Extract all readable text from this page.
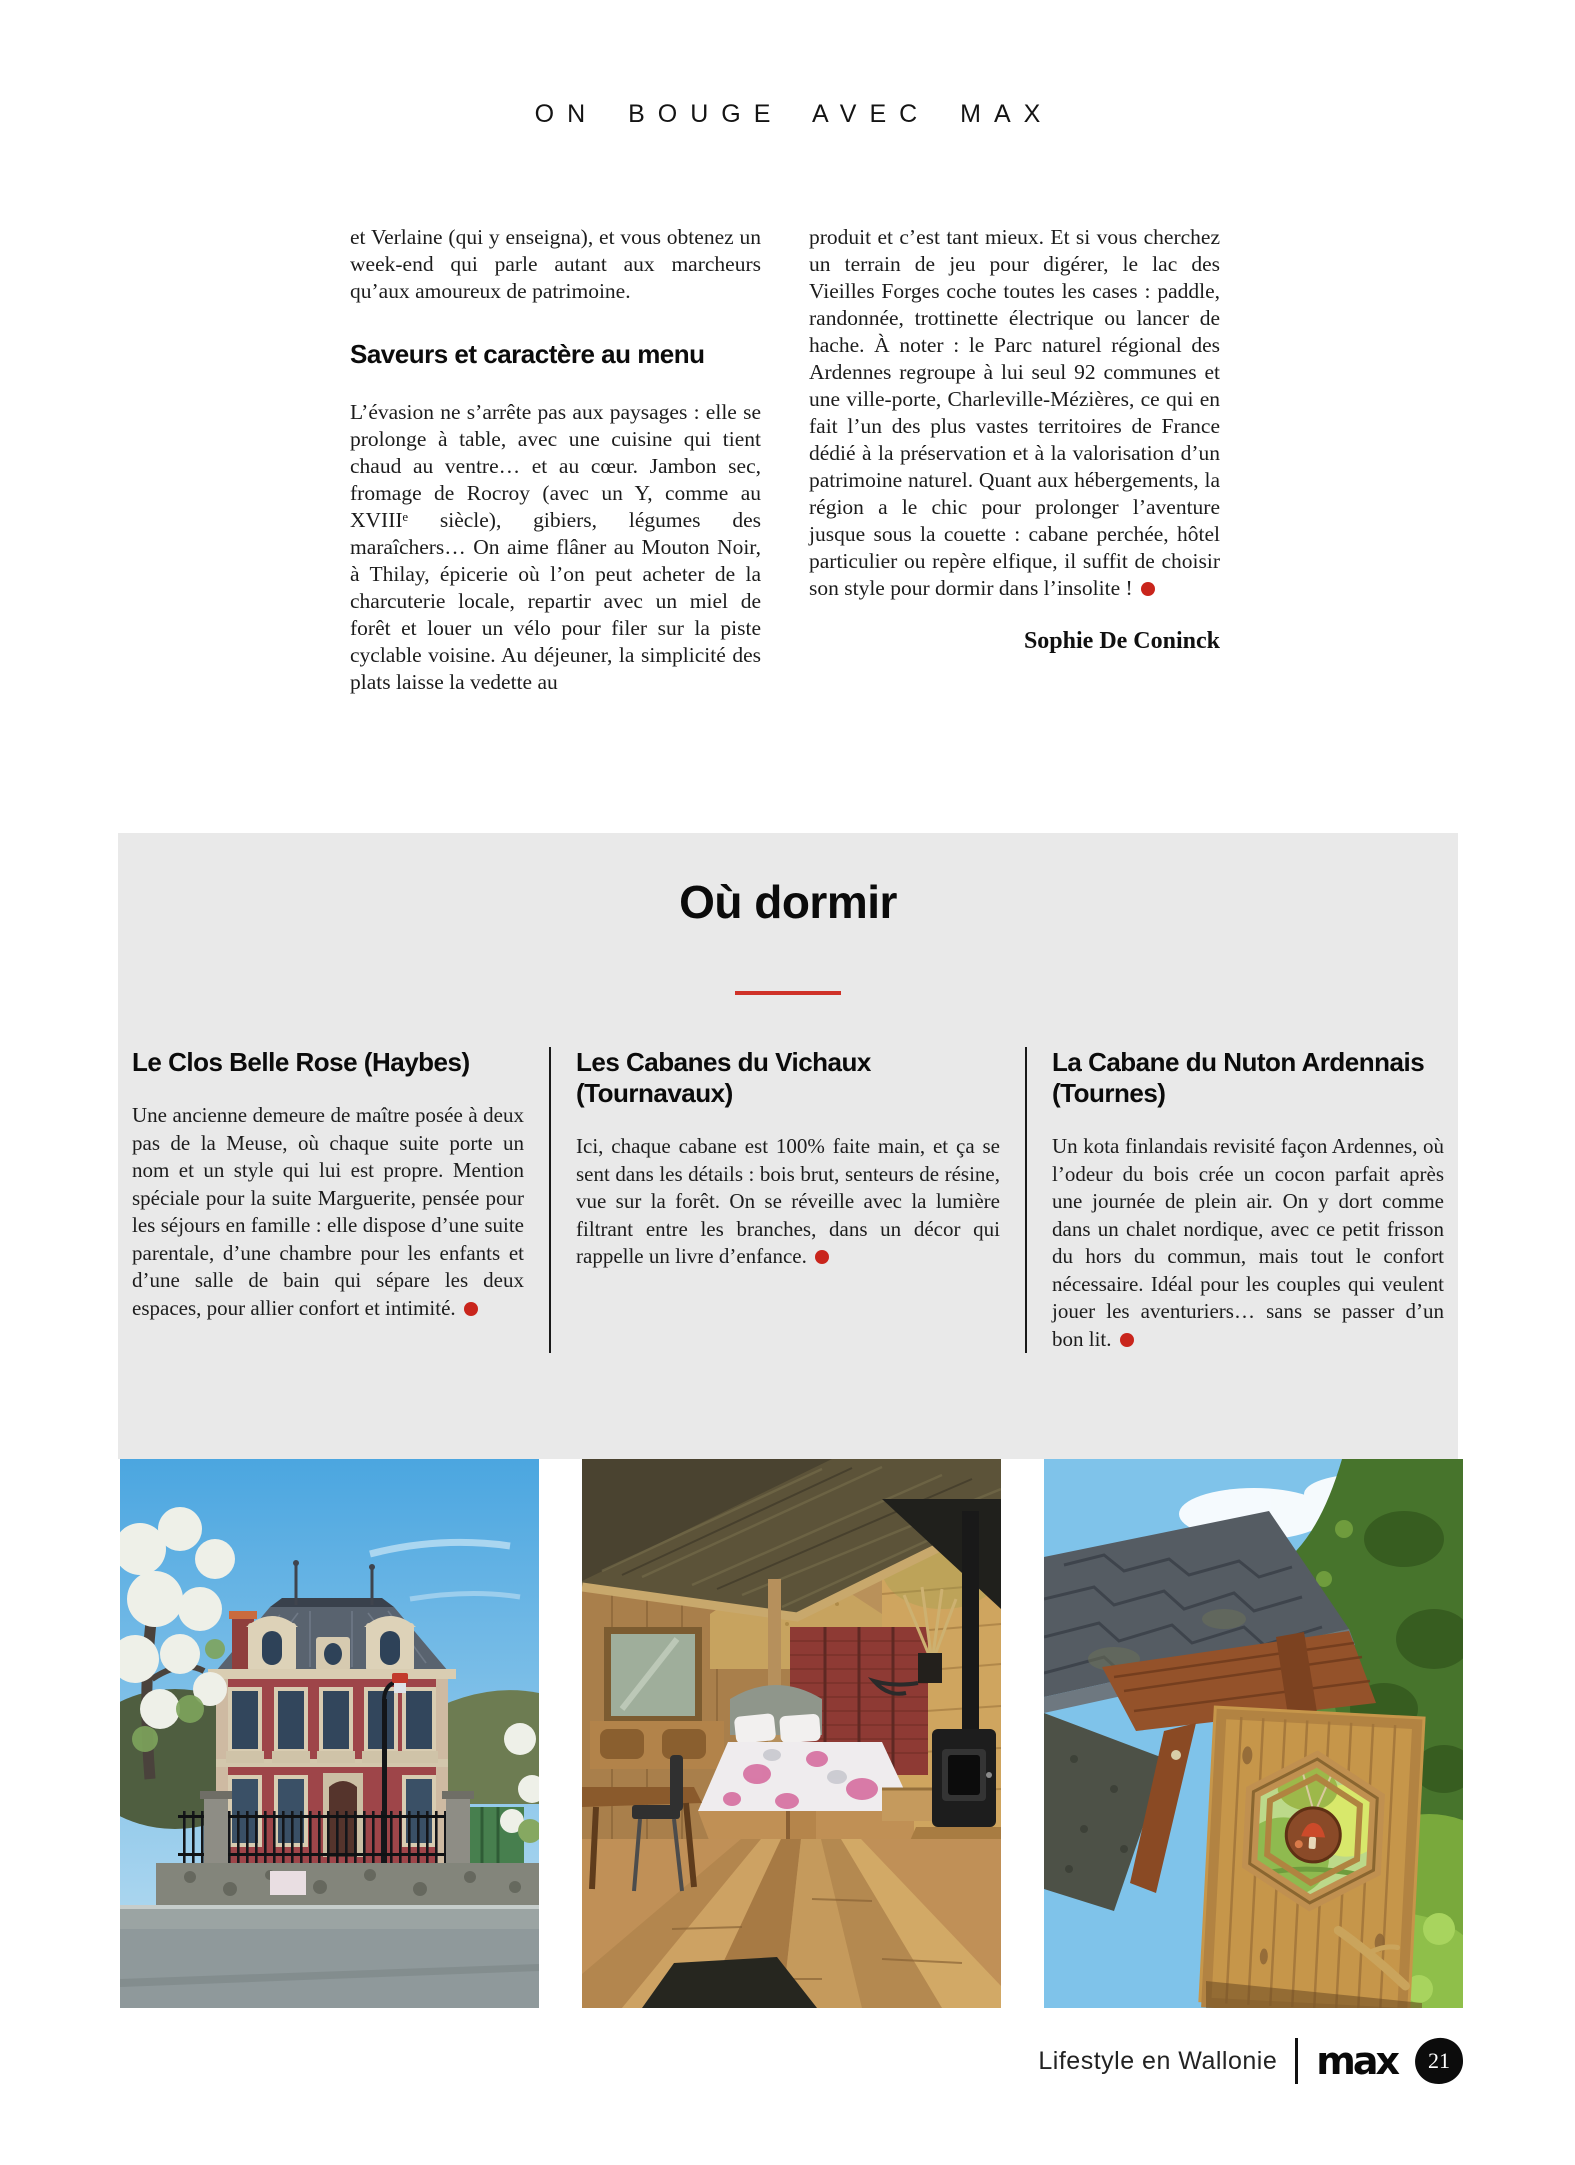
ON BOUGE AVEC MAX

et Verlaine (qui y enseigna), et vous obtenez un week-end qui parle autant aux marcheurs qu’aux amoureux de patrimoine.

Saveurs et caractère au menu

L’évasion ne s’arrête pas aux paysages : elle se prolonge à table, avec une cuisine qui tient chaud au ventre… et au cœur. Jambon sec, fromage de Rocroy (avec un Y, comme au XVIIIᵉ siècle), gibiers, légumes des maraîchers… On aime flâner au Mouton Noir, à Thilay, épicerie où l’on peut acheter de la charcuterie locale, repartir avec un miel de forêt et louer un vélo pour filer sur la piste cyclable voisine. Au déjeuner, la simplicité des plats laisse la vedette au

produit et c’est tant mieux. Et si vous cherchez un terrain de jeu pour digérer, le lac des Vieilles Forges coche toutes les cases : paddle, randonnée, trottinette électrique ou lancer de hache. À noter : le Parc naturel régional des Ardennes regroupe à lui seul 92 communes et une ville-porte, Charleville-Mézières, ce qui en fait l’un des plus vastes territoires de France dédié à la préservation et à la valorisation d’un patrimoine naturel. Quant aux hébergements, la région a le chic pour prolonger l’aventure jusque sous la couette : cabane perchée, hôtel particulier ou repère elfique, il suffit de choisir son style pour dormir dans l’insolite !

Sophie De Coninck

Où dormir
Le Clos Belle Rose (Haybes)

Une ancienne demeure de maître posée à deux pas de la Meuse, où chaque suite porte un nom et un style qui lui est propre. Mention spéciale pour la suite Marguerite, pensée pour les séjours en famille : elle dispose d’une suite parentale, d’une chambre pour les enfants et d’une salle de bain qui sépare les deux espaces, pour allier confort et intimité.

Les Cabanes du Vichaux (Tournavaux)

Ici, chaque cabane est 100% faite main, et ça se sent dans les détails : bois brut, senteurs de résine, vue sur la forêt. On se réveille avec la lumière filtrant entre les branches, dans un décor qui rappelle un livre d’enfance.

La Cabane du Nuton Ardennais (Tournes)

Un kota finlandais revisité façon Ardennes, où l’odeur du bois crée un cocon parfait après une journée de plein air. On y dort comme dans un chalet nordique, avec ce petit frisson du hors du commun, mais tout le confort nécessaire. Idéal pour les couples qui veulent jouer les aventuriers… sans se passer d’un bon lit.

Lifestyle en Wallonie max 21
